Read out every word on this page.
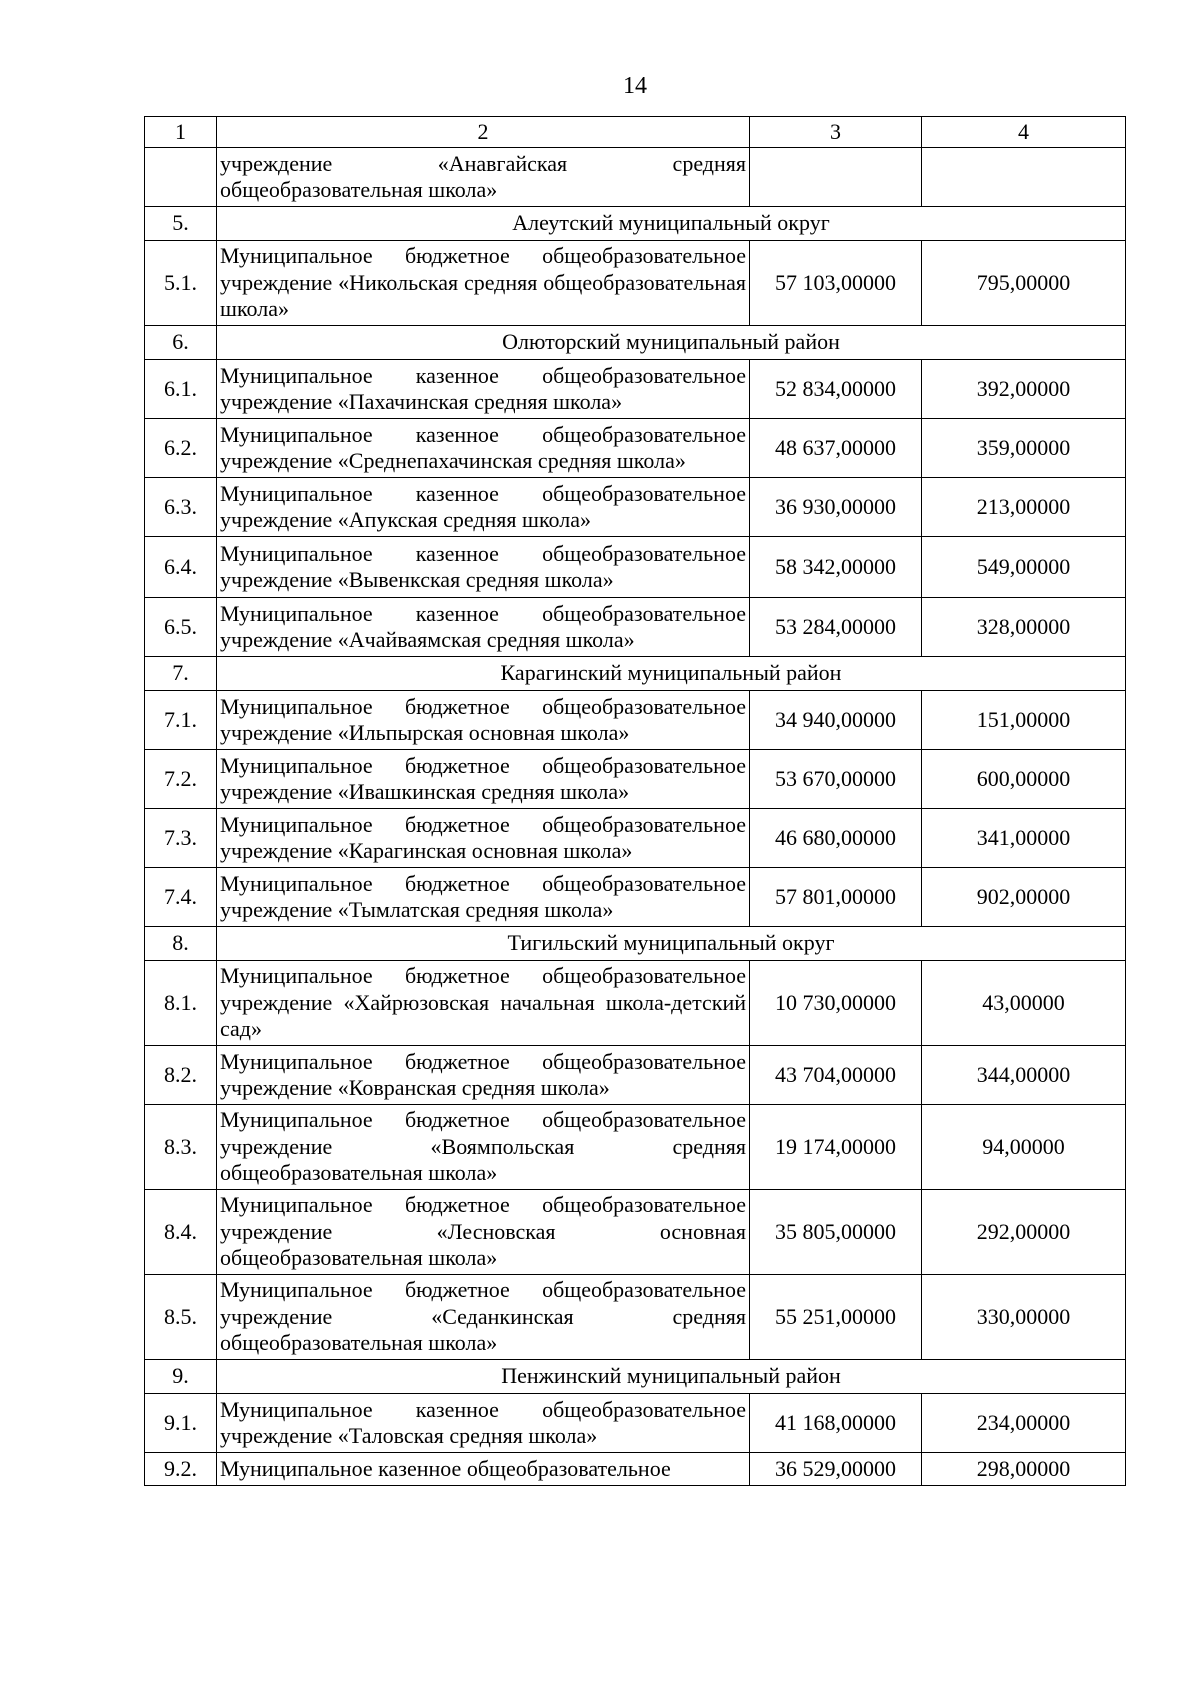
14
1	2	3	4

	учреждение «Анавгайская средняя
общеобразовательная школа»		
5.	Алеутский муниципальный округ		
5.1.	Муниципальное бюджетное общеобразовательное учреждение «Никольская средняя общеобразовательная школа»	57 103,00000	795,00000
6.	Олюторский муниципальный район		
6.1.	Муниципальное казенное общеобразовательное учреждение «Пахачинская средняя школа»	52 834,00000	392,00000
6.2.	Муниципальное казенное общеобразовательное учреждение «Среднепахачинская средняя школа»	48 637,00000	359,00000
6.3.	Муниципальное казенное общеобразовательное учреждение «Апукская средняя школа»	36 930,00000	213,00000
6.4.	Муниципальное казенное общеобразовательное учреждение «Вывенкская средняя школа»	58 342,00000	549,00000
6.5.	Муниципальное казенное общеобразовательное учреждение «Ачайваямская средняя школа»	53 284,00000	328,00000
7.	Карагинский муниципальный район		
7.1.	Муниципальное бюджетное общеобразовательное учреждение «Ильпырская основная школа»	34 940,00000	151,00000
7.2.	Муниципальное бюджетное общеобразовательное учреждение «Ивашкинская средняя школа»	53 670,00000	600,00000
7.3.	Муниципальное бюджетное общеобразовательное учреждение «Карагинская основная школа»	46 680,00000	341,00000
7.4.	Муниципальное бюджетное общеобразовательное учреждение «Тымлатская средняя школа»	57 801,00000	902,00000
8.	Тигильский муниципальный округ		
8.1.	Муниципальное бюджетное общеобразовательное учреждение «Хайрюзовская начальная школа-детский сад»	10 730,00000	43,00000
8.2.	Муниципальное бюджетное общеобразовательное учреждение «Ковранская средняя школа»	43 704,00000	344,00000
8.3.	Муниципальное бюджетное общеобразовательное учреждение «Воямпольская средняя общеобразовательная школа»	19 174,00000	94,00000
8.4.	Муниципальное бюджетное общеобразовательное учреждение «Лесновская основная общеобразовательная школа»	35 805,00000	292,00000
8.5.	Муниципальное бюджетное общеобразовательное учреждение «Седанкинская средняя общеобразовательная школа»	55 251,00000	330,00000
9.	Пенжинский муниципальный район		
9.1.	Муниципальное казенное общеобразовательное учреждение «Таловская средняя школа»	41 168,00000	234,00000
9.2.	Муниципальное казенное общеобразовательное	36 529,00000	298,00000
